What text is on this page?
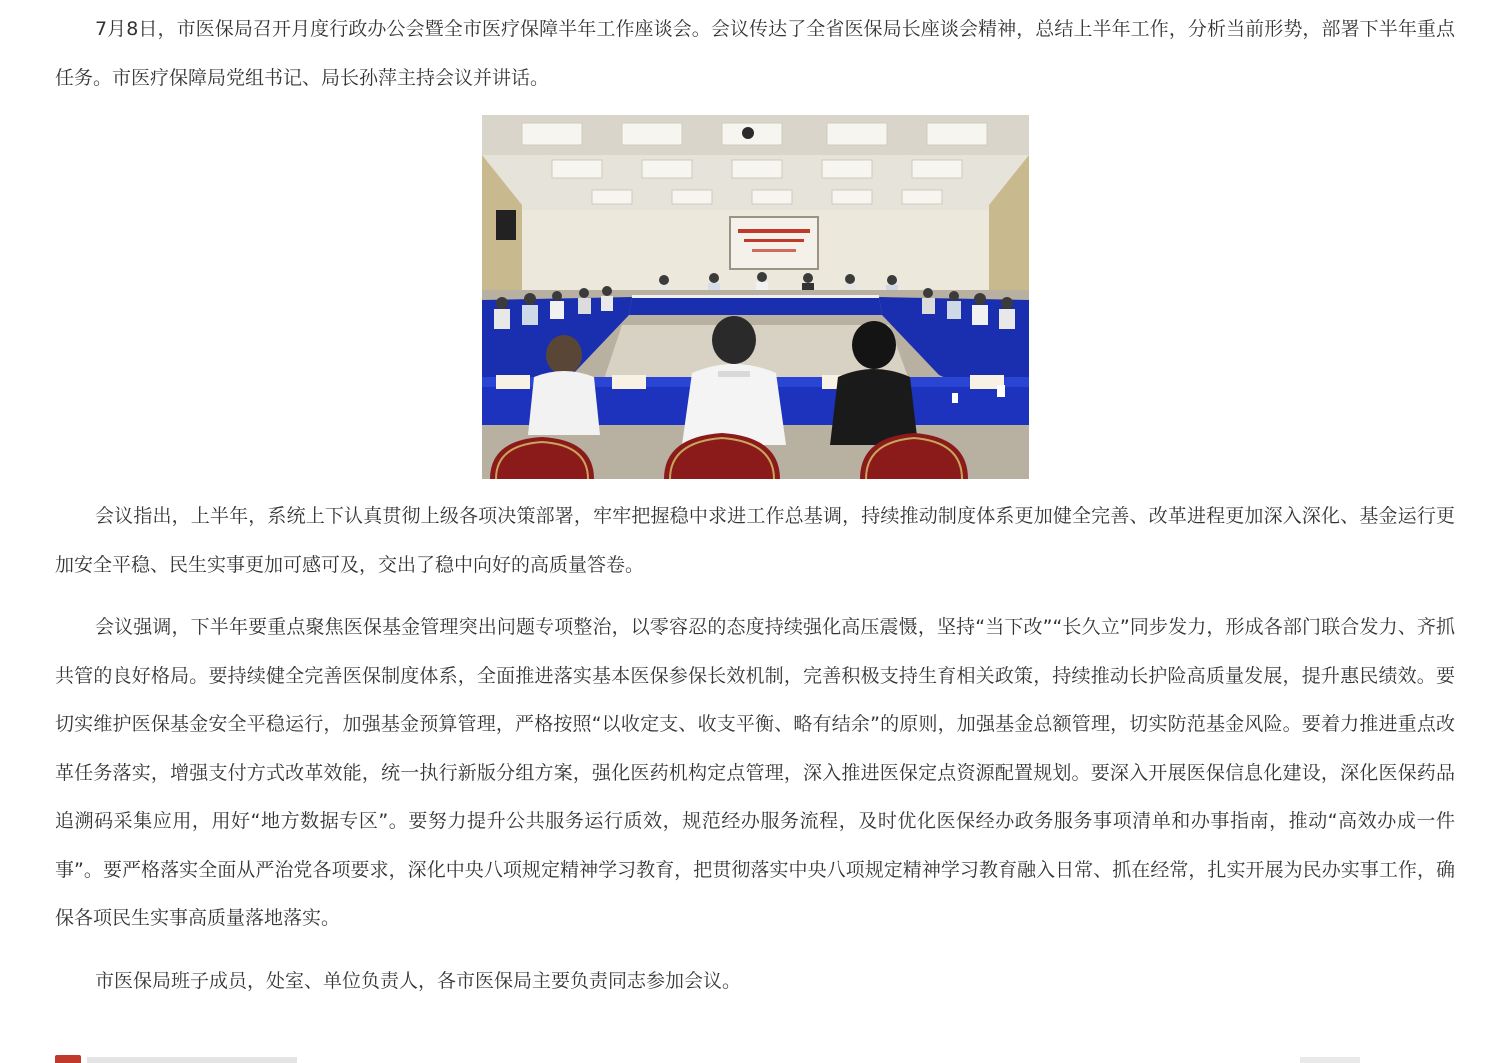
7月8日，市医保局召开月度行政办公会暨全市医疗保障半年工作座谈会。会议传达了全省医保局长座谈会精神，总结上半年工作，分析当前形势，部署下半年重点任务。市医疗保障局党组书记、局长孙萍主持会议并讲话。

会议指出，上半年，系统上下认真贯彻上级各项决策部署，牢牢把握稳中求进工作总基调，持续推动制度体系更加健全完善、改革进程更加深入深化、基金运行更加安全平稳、民生实事更加可感可及，交出了稳中向好的高质量答卷。

会议强调，下半年要重点聚焦医保基金管理突出问题专项整治，以零容忍的态度持续强化高压震慑，坚持“当下改”“长久立”同步发力，形成各部门联合发力、齐抓共管的良好格局。要持续健全完善医保制度体系，全面推进落实基本医保参保长效机制，完善积极支持生育相关政策，持续推动长护险高质量发展，提升惠民绩效。要切实维护医保基金安全平稳运行，加强基金预算管理，严格按照“以收定支、收支平衡、略有结余”的原则，加强基金总额管理，切实防范基金风险。要着力推进重点改革任务落实，增强支付方式改革效能，统一执行新版分组方案，强化医药机构定点管理，深入推进医保定点资源配置规划。要深入开展医保信息化建设，深化医保药品追溯码采集应用，用好“地方数据专区”。要努力提升公共服务运行质效，规范经办服务流程，及时优化医保经办政务服务事项清单和办事指南，推动“高效办成一件事”。要严格落实全面从严治党各项要求，深化中央八项规定精神学习教育，把贯彻落实中央八项规定精神学习教育融入日常、抓在经常，扎实开展为民办实事工作，确保各项民生实事高质量落地落实。

市医保局班子成员，处室、单位负责人，各市医保局主要负责同志参加会议。
